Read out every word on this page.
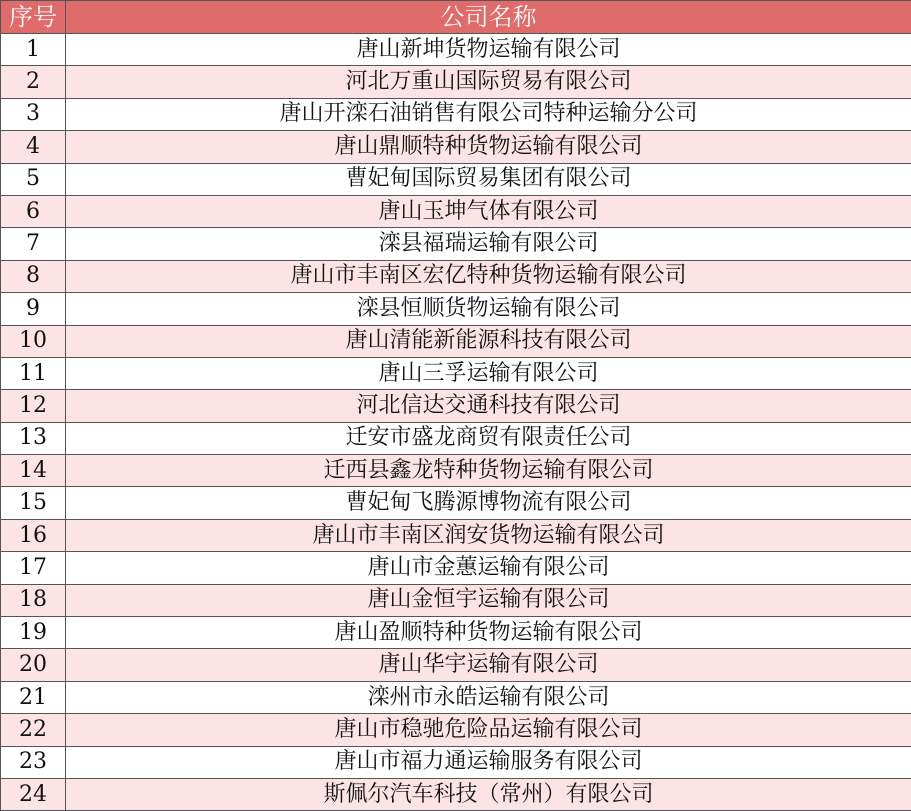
序号	公司名称
1	唐山新坤货物运输有限公司
2	河北万重山国际贸易有限公司
3	唐山开滦石油销售有限公司特种运输分公司
4	唐山鼎顺特种货物运输有限公司
5	曹妃甸国际贸易集团有限公司
6	唐山玉坤气体有限公司
7	滦县福瑞运输有限公司
8	唐山市丰南区宏亿特种货物运输有限公司
9	滦县恒顺货物运输有限公司
10	唐山清能新能源科技有限公司
11	唐山三孚运输有限公司
12	河北信达交通科技有限公司
13	迁安市盛龙商贸有限责任公司
14	迁西县鑫龙特种货物运输有限公司
15	曹妃甸飞腾源博物流有限公司
16	唐山市丰南区润安货物运输有限公司
17	唐山市金蕙运输有限公司
18	唐山金恒宇运输有限公司
19	唐山盈顺特种货物运输有限公司
20	唐山华宇运输有限公司
21	滦州市永皓运输有限公司
22	唐山市稳驰危险品运输有限公司
23	唐山市福力通运输服务有限公司
24	斯佩尔汽车科技（常州）有限公司
